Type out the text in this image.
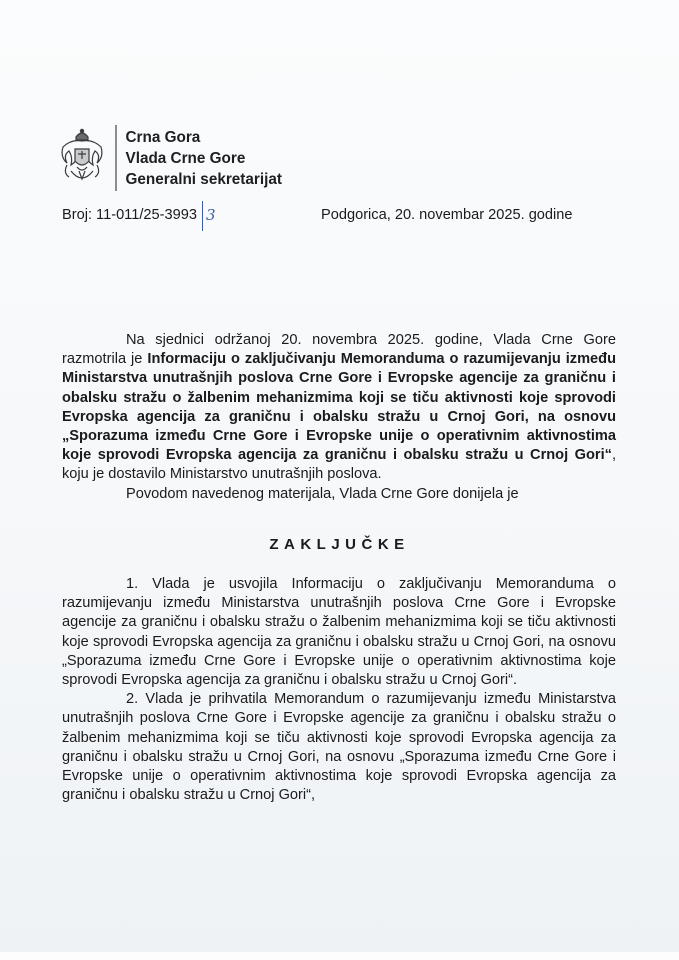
Crna Gora
Vlada Crne Gore
Generalni sekretarijat
Broj: 11-011/25-3993 3	Podgorica, 20. novembar 2025. godine

Na sjednici održanoj 20. novembra 2025. godine, Vlada Crne Gore razmotrila je Informaciju o zaključivanju Memoranduma o razumijevanju između Ministarstva unutrašnjih poslova Crne Gore i Evropske agencije za graničnu i obalsku stražu o žalbenim mehanizmima koji se tiču aktivnosti koje sprovodi Evropska agencija za graničnu i obalsku stražu u Crnoj Gori, na osnovu „Sporazuma između Crne Gore i Evropske unije o operativnim aktivnostima koje sprovodi Evropska agencija za graničnu i obalsku stražu u Crnoj Gori“, koju je dostavilo Ministarstvo unutrašnjih poslova.

Povodom navedenog materijala, Vlada Crne Gore donijela je

ZAKLJUČKE

1. Vlada je usvojila Informaciju o zaključivanju Memoranduma o razumijevanju između Ministarstva unutrašnjih poslova Crne Gore i Evropske agencije za graničnu i obalsku stražu o žalbenim mehanizmima koji se tiču aktivnosti koje sprovodi Evropska agencija za graničnu i obalsku stražu u Crnoj Gori, na osnovu „Sporazuma između Crne Gore i Evropske unije o operativnim aktivnostima koje sprovodi Evropska agencija za graničnu i obalsku stražu u Crnoj Gori“.

2. Vlada je prihvatila Memorandum o razumijevanju između Ministarstva unutrašnjih poslova Crne Gore i Evropske agencije za graničnu i obalsku stražu o žalbenim mehanizmima koji se tiču aktivnosti koje sprovodi Evropska agencija za graničnu i obalsku stražu u Crnoj Gori, na osnovu „Sporazuma između Crne Gore i Evropske unije o operativnim aktivnostima koje sprovodi Evropska agencija za graničnu i obalsku stražu u Crnoj Gori“,
